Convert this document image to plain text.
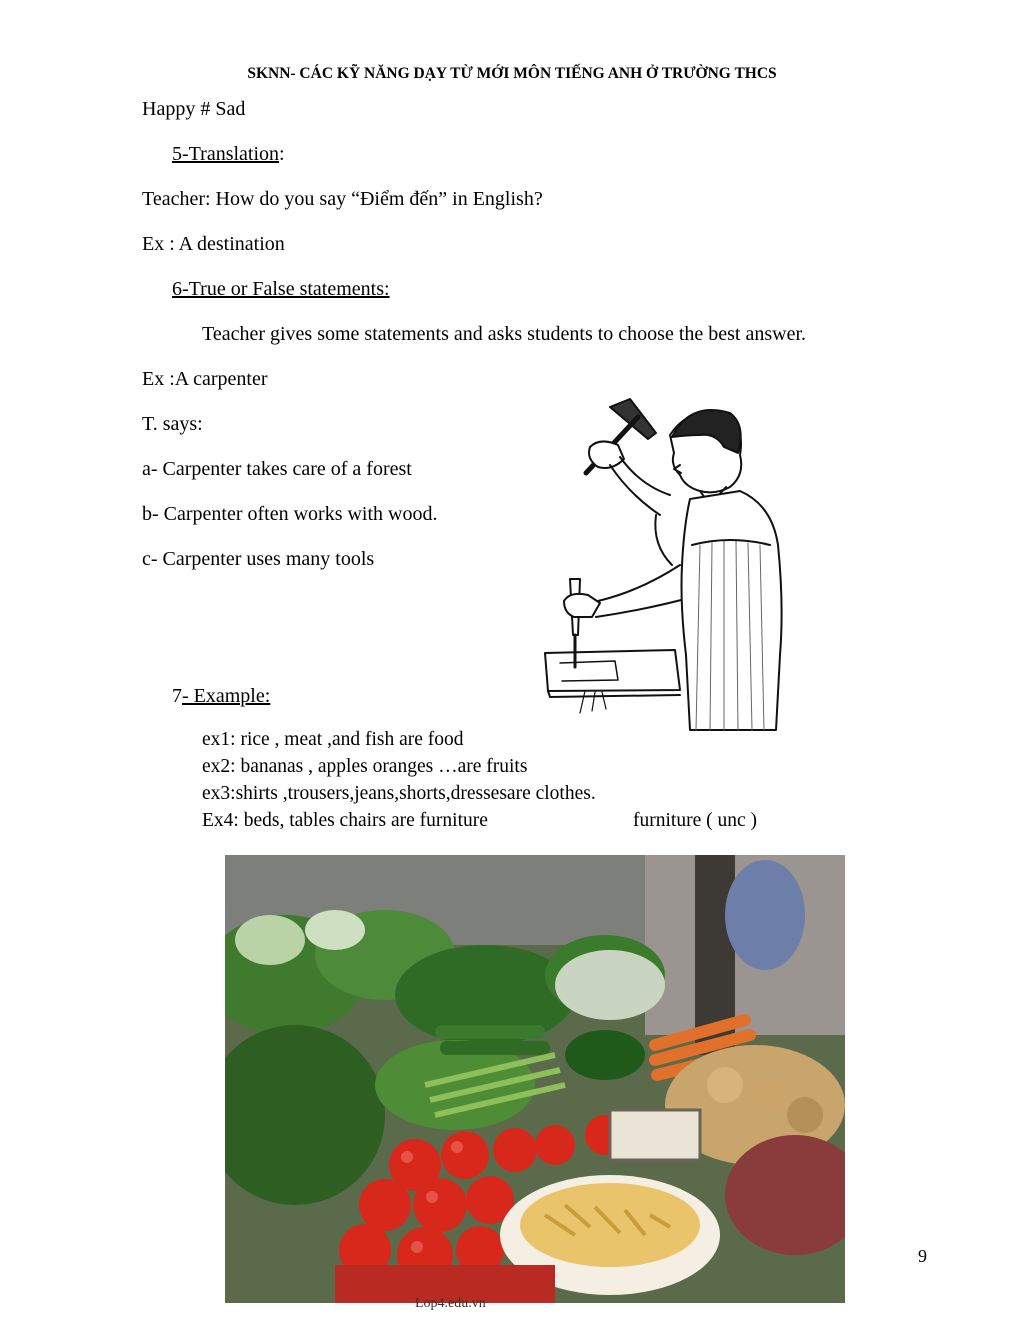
SKNN- CÁC KỸ NĂNG DẠY TỪ MỚI MÔN TIẾNG ANH Ở TRƯỜNG THCS

Happy # Sad

5-Translation:

Teacher: How do you say “Điểm đến” in English?

Ex : A destination

6-True or False statements:

Teacher gives some statements and asks students to choose the best answer.

Ex :A carpenter

T. says:

a- Carpenter takes care of a forest

b- Carpenter often works with wood.

c- Carpenter uses many tools

7- Example:

ex1: rice , meat ,and fish are food

ex2: bananas , apples oranges …are fruits

ex3:shirts ,trousers,jeans,shorts,dressesare clothes.

Ex4: beds, tables chairs are furniture	furniture ( unc )

9

Lop4.edu.vn
